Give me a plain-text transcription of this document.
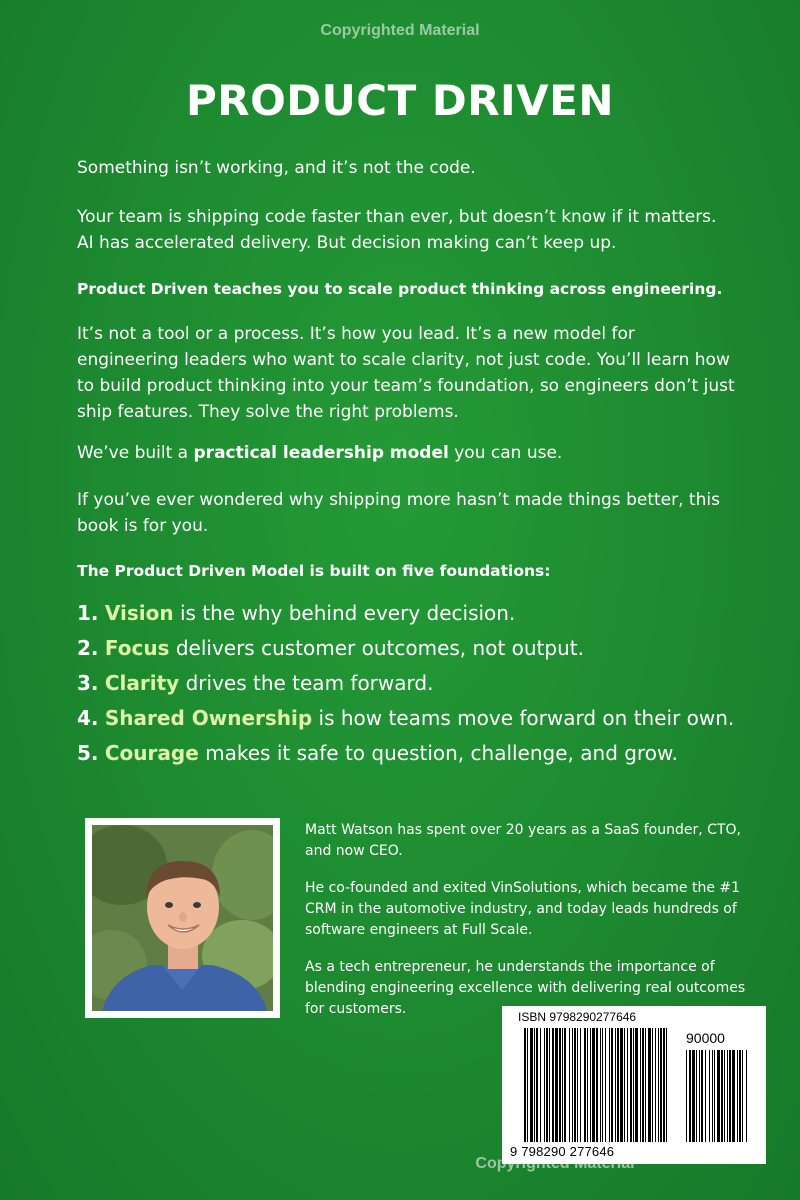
Copyrighted Material
PRODUCT DRIVEN

Something isn’t working, and it’s not the code.

Your team is shipping code faster than ever, but doesn’t know if it matters. AI has accelerated delivery. But decision making can’t keep up.

Product Driven teaches you to scale product thinking across engineering.

It’s not a tool or a process. It’s how you lead. It’s a new model for engineering leaders who want to scale clarity, not just code. You’ll learn how to build product thinking into your team’s foundation, so engineers don’t just ship features. They solve the right problems.

We’ve built a practical leadership model you can use.

If you’ve ever wondered why shipping more hasn’t made things better, this book is for you.

The Product Driven Model is built on five foundations:

1. Vision is the why behind every decision.
2. Focus delivers customer outcomes, not output.
3. Clarity drives the team forward.
4. Shared Ownership is how teams move forward on their own.
5. Courage makes it safe to question, challenge, and grow.

Matt Watson has spent over 20 years as a SaaS founder, CTO, and now CEO.

He co-founded and exited VinSolutions, which became the #1 CRM in the automotive industry, and today leads hundreds of software engineers at Full Scale.

As a tech entrepreneur, he understands the importance of blending engineering excellence with delivering real outcomes for customers.	ISBN 9798290277646
90000
9 798290 277646
Copyrighted Material
